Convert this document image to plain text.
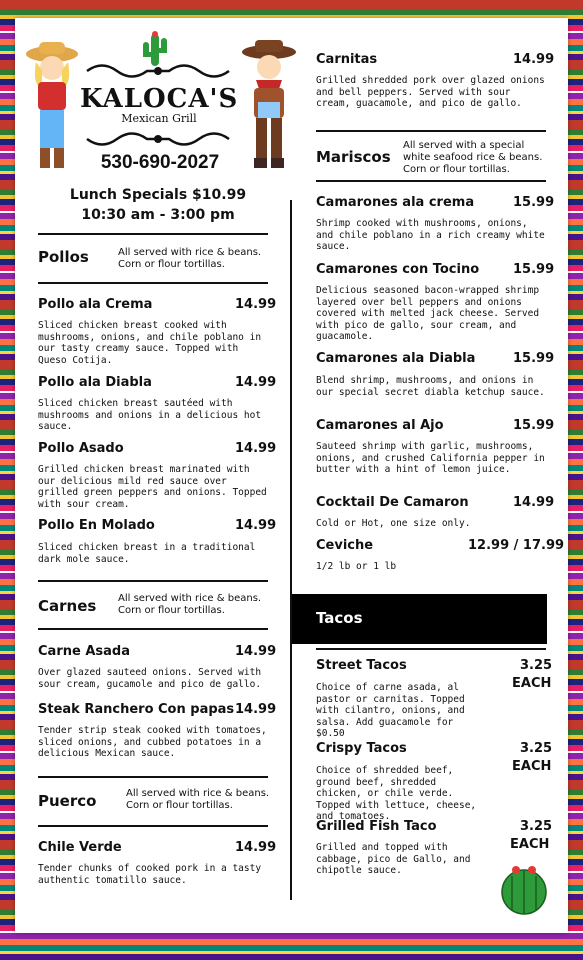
KALOCA'S
Mexican Grill
530-690-2027
Lunch Specials $10.99
10:30 am - 3:00 pm
Pollos	All served with rice & beans. Corn or flour tortillas.
Pollo ala Crema	14.99
Sliced chicken breast cooked with mushrooms, onions, and chile poblano in our tasty creamy sauce. Topped with Queso Cotija.
Pollo ala Diabla	14.99
Sliced chicken breast sautéed with mushrooms and onions in a delicious hot sauce.
Pollo Asado	14.99
Grilled chicken breast marinated with our delicious mild red sauce over grilled green peppers and onions. Topped with sour cream.
Pollo En Molado	14.99
Sliced chicken breast in a traditional dark mole sauce.
Carnes All served with rice & beans. Corn or flour tortillas.
Carne Asada	14.99
Over glazed sauteed onions. Served with sour cream, gucamole and pico de gallo.
Steak Ranchero Con papas 14.99
Tender strip steak cooked with tomatoes, sliced onions, and cubbed potatoes in a delicious Mexican sauce.
Puerco	All served with rice & beans. Corn or flour tortillas.
Chile Verde	14.99
Tender chunks of cooked pork in a tasty authentic tomatillo sauce.
Carnitas	14.99
Grilled shredded pork over glazed onions and bell peppers. Served with sour cream, guacamole, and pico de gallo.
Mariscos
All served with a special white seafood rice & beans. Corn or flour tortillas.
Camarones ala crema	15.99
Shrimp cooked with mushrooms, onions, and chile poblano in a rich creamy white sauce.
Camarones con Tocino	15.99
Delicious seasoned bacon-wrapped shrimp layered over bell peppers and onions covered with melted jack cheese. Served with pico de gallo, sour cream, and guacamole.
Camarones ala Diabla	15.99
Blend shrimp, mushrooms, and onions in our special secret diabla ketchup sauce.
Camarones al Ajo	15.99
Sauteed shrimp with garlic, mushrooms, onions, and crushed California pepper in butter with a hint of lemon juice.
Cocktail De Camaron	14.99
Cold or Hot, one size only.
Ceviche	12.99 / 17.99
1/2 lb or 1 lb
Tacos
Street Tacos	3.25
EACH
Choice of carne asada, al pastor or carnitas. Topped with cilantro, onions, and salsa. Add guacamole for $0.50
Crispy Tacos	3.25
EACH
Choice of shredded beef, ground beef, shredded chicken, or chile verde. Topped with lettuce, cheese, and tomatoes.
Grilled Fish Taco	3.25
EACH
Grilled and topped with cabbage, pico de Gallo, and chipotle sauce.
